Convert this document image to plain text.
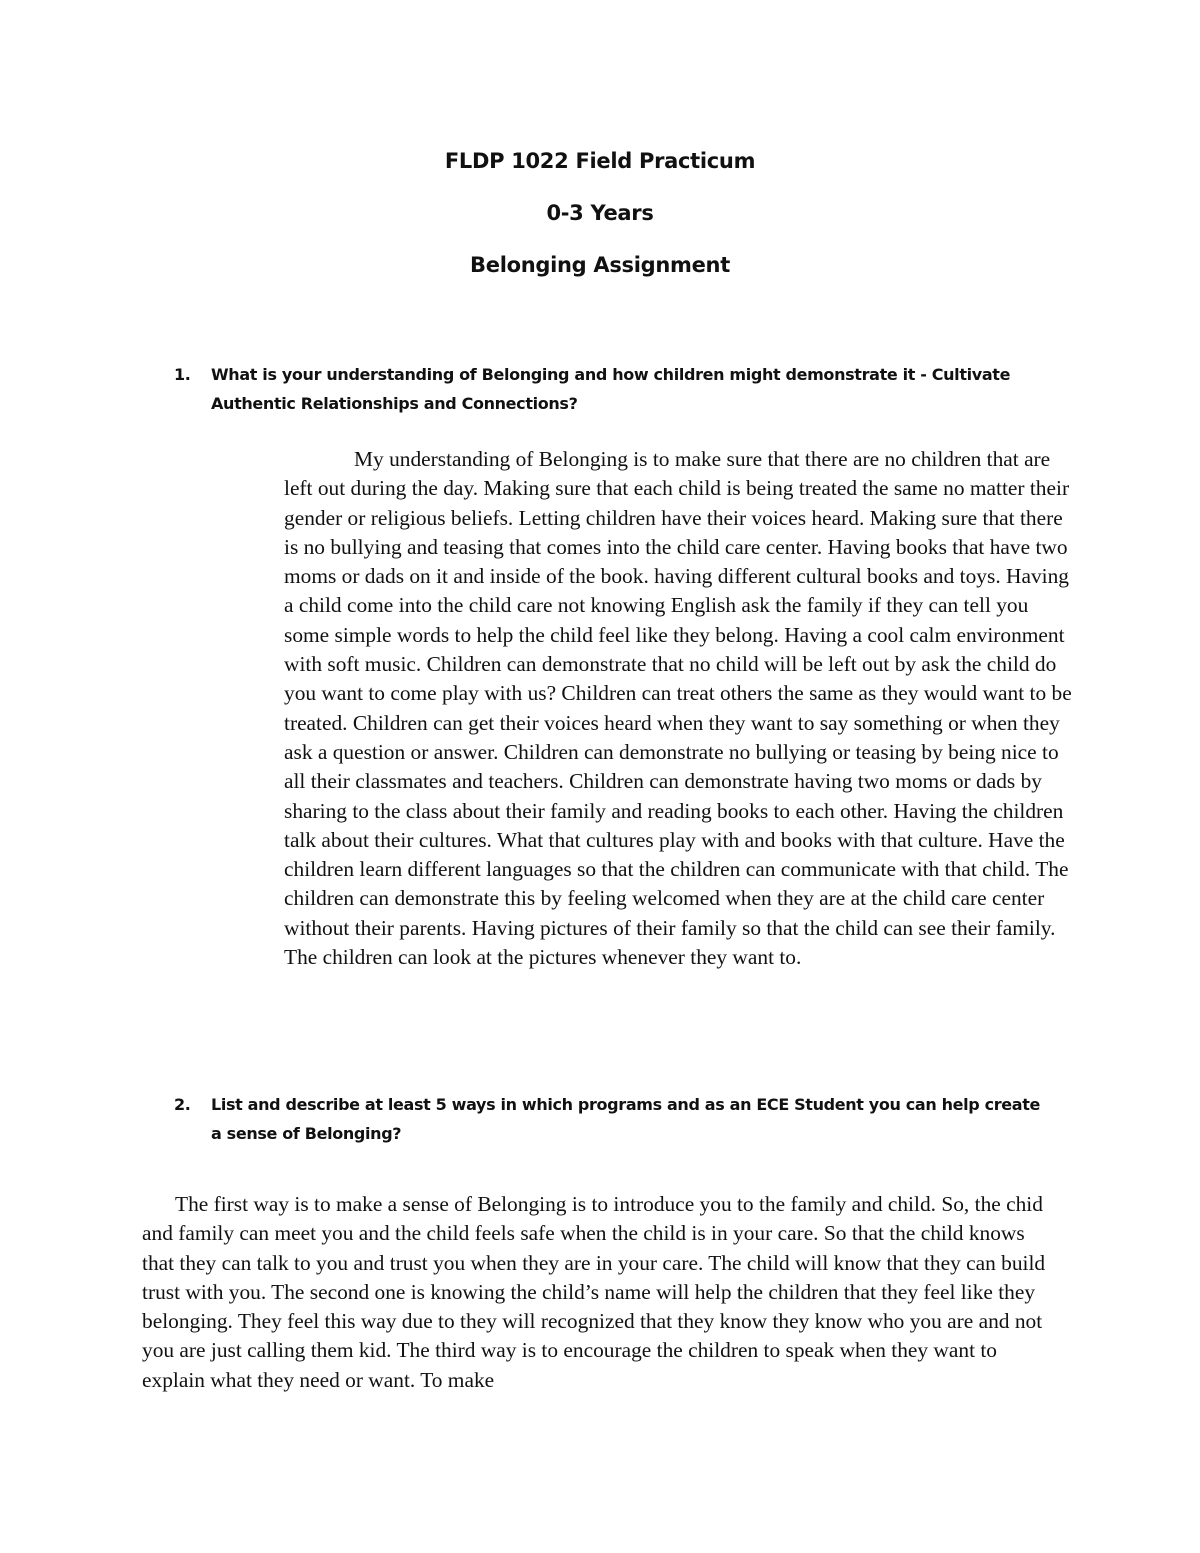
FLDP 1022 Field Practicum
0-3 Years
Belonging Assignment
1. What is your understanding of Belonging and how children might demonstrate it - Cultivate Authentic Relationships and Connections?

My understanding of Belonging is to make sure that there are no children that are left out during the day. Making sure that each child is being treated the same no matter their gender or religious beliefs. Letting children have their voices heard. Making sure that there is no bullying and teasing that comes into the child care center. Having books that have two moms or dads on it and inside of the book. having different cultural books and toys. Having a child come into the child care not knowing English ask the family if they can tell you some simple words to help the child feel like they belong. Having a cool calm environment with soft music. Children can demonstrate that no child will be left out by ask the child do you want to come play with us? Children can treat others the same as they would want to be treated. Children can get their voices heard when they want to say something or when they ask a question or answer. Children can demonstrate no bullying or teasing by being nice to all their classmates and teachers. Children can demonstrate having two moms or dads by sharing to the class about their family and reading books to each other. Having the children talk about their cultures. What that cultures play with and books with that culture. Have the children learn different languages so that the children can communicate with that child. The children can demonstrate this by feeling welcomed when they are at the child care center without their parents. Having pictures of their family so that the child can see their family. The children can look at the pictures whenever they want to.

2. List and describe at least 5 ways in which programs and as an ECE Student you can help create a sense of Belonging?

The first way is to make a sense of Belonging is to introduce you to the family and child. So, the chid and family can meet you and the child feels safe when the child is in your care. So that the child knows that they can talk to you and trust you when they are in your care. The child will know that they can build trust with you. The second one is knowing the child’s name will help the children that they feel like they belonging. They feel this way due to they will recognized that they know they know who you are and not you are just calling them kid. The third way is to encourage the children to speak when they want to explain what they need or want. To make
